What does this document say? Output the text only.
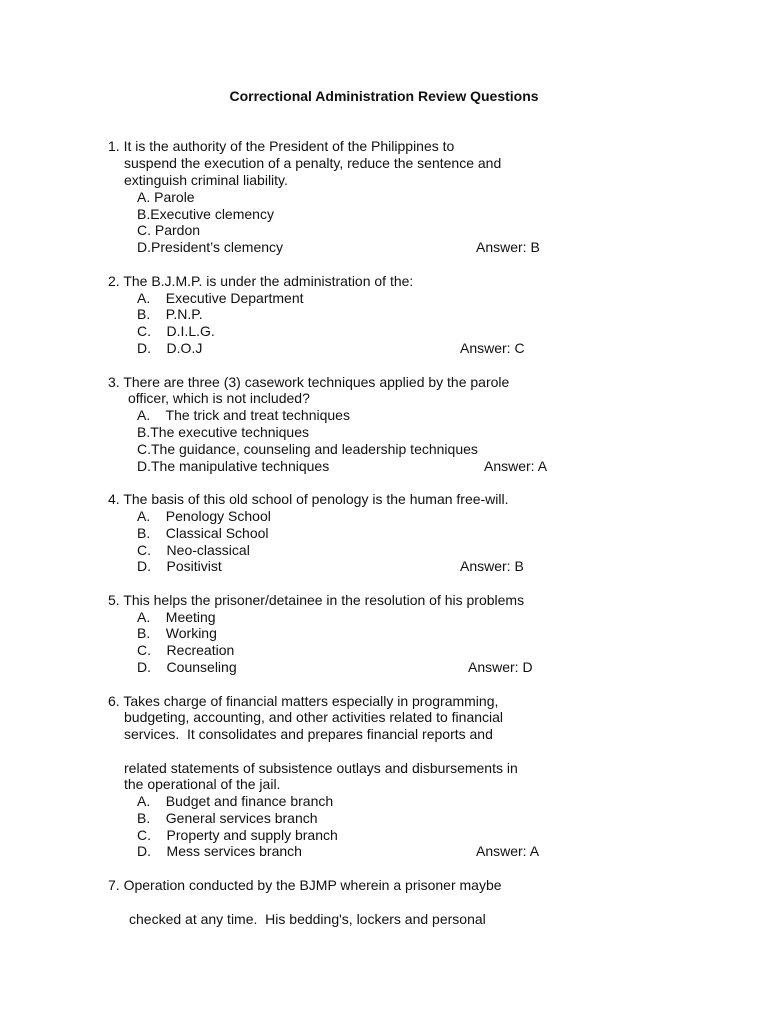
Correctional Administration Review Questions
1. It is the authority of the President of the Philippines to
suspend the execution of a penalty, reduce the sentence and
extinguish criminal liability.
A. Parole
B.Executive clemency
C. Pardon
D.President’s clemency	Answer: B
2. The B.J.M.P. is under the administration of the:
A.    Executive Department
B.    P.N.P.
C.    D.I.L.G.
D.    D.O.J	Answer: C
3. There are three (3) casework techniques applied by the parole
officer, which is not included?
A.    The trick and treat techniques
B.The executive techniques
C.The guidance, counseling and leadership techniques
D.The manipulative techniques	Answer: A
4. The basis of this old school of penology is the human free-will.
A.    Penology School
B.    Classical School
C.    Neo-classical
D.    Positivist	Answer: B
5. This helps the prisoner/detainee in the resolution of his problems
A.    Meeting
B.    Working
C.    Recreation
D.    Counseling	Answer: D
6. Takes charge of financial matters especially in programming,
budgeting, accounting, and other activities related to financial
services.  It consolidates and prepares financial reports and
related statements of subsistence outlays and disbursements in
the operational of the jail.
A.    Budget and finance branch
B.    General services branch
C.    Property and supply branch
D.    Mess services branch	Answer: A
7. Operation conducted by the BJMP wherein a prisoner maybe
checked at any time.  His bedding's, lockers and personal
